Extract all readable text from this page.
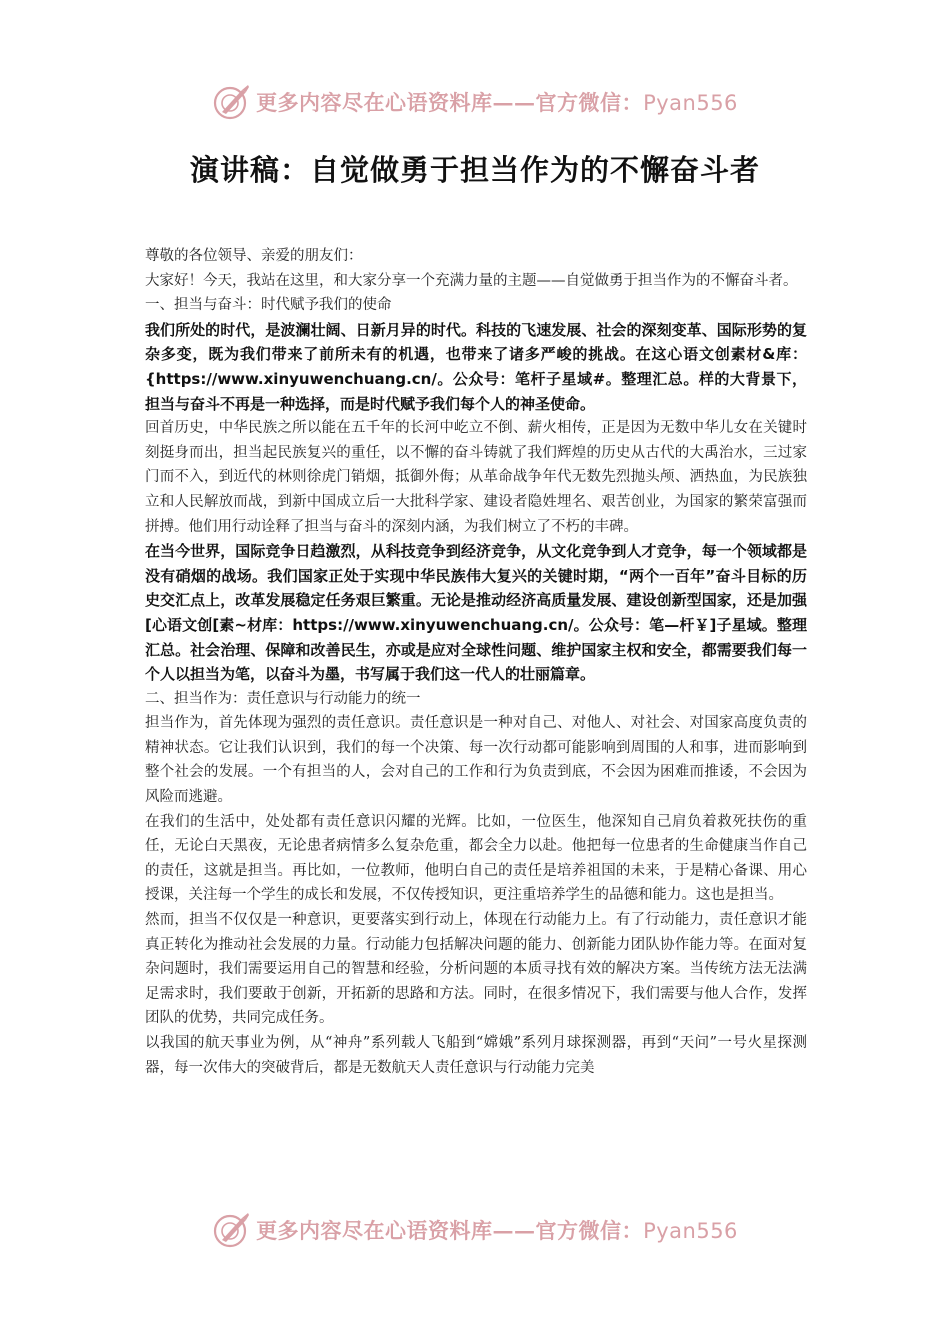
更多内容尽在心语资料库——官方微信：Pyan556
演讲稿：自觉做勇于担当作为的不懈奋斗者

尊敬的各位领导、亲爱的朋友们：

大家好！今天，我站在这里，和大家分享一个充满力量的主题——自觉做勇于担当作为的不懈奋斗者。

一、担当与奋斗：时代赋予我们的使命

我们所处的时代，是波澜壮阔、日新月异的时代。科技的飞速发展、社会的深刻变革、国际形势的复杂多变，既为我们带来了前所未有的机遇，也带来了诸多严峻的挑战。在这心语文创素材&库：{https://www.xinyuwenchuang.cn/。公众号：笔杆子星域#。整理汇总。样的大背景下，担当与奋斗不再是一种选择，而是时代赋予我们每个人的神圣使命。

回首历史，中华民族之所以能在五千年的长河中屹立不倒、薪火相传，正是因为无数中华儿女在关键时刻挺身而出，担当起民族复兴的重任，以不懈的奋斗铸就了我们辉煌的历史从古代的大禹治水，三过家门而不入，到近代的林则徐虎门销烟，抵御外侮；从革命战争年代无数先烈抛头颅、洒热血，为民族独立和人民解放而战，到新中国成立后一大批科学家、建设者隐姓埋名、艰苦创业，为国家的繁荣富强而拼搏。他们用行动诠释了担当与奋斗的深刻内涵，为我们树立了不朽的丰碑。

在当今世界，国际竞争日趋激烈，从科技竞争到经济竞争，从文化竞争到人才竞争，每一个领域都是没有硝烟的战场。我们国家正处于实现中华民族伟大复兴的关键时期，“两个一百年”奋斗目标的历史交汇点上，改革发展稳定任务艰巨繁重。无论是推动经济高质量发展、建设创新型国家，还是加强[心语文创[素~材库：https://www.xinyuwenchuang.cn/。公众号：笔—杆￥]子星域。整理汇总。社会治理、保障和改善民生，亦或是应对全球性问题、维护国家主权和安全，都需要我们每一个人以担当为笔，以奋斗为墨，书写属于我们这一代人的壮丽篇章。

二、担当作为：责任意识与行动能力的统一

担当作为，首先体现为强烈的责任意识。责任意识是一种对自己、对他人、对社会、对国家高度负责的精神状态。它让我们认识到，我们的每一个决策、每一次行动都可能影响到周围的人和事，进而影响到整个社会的发展。一个有担当的人，会对自己的工作和行为负责到底，不会因为困难而推诿，不会因为风险而逃避。

在我们的生活中，处处都有责任意识闪耀的光辉。比如，一位医生，他深知自己肩负着救死扶伤的重任，无论白天黑夜，无论患者病情多么复杂危重，都会全力以赴。他把每一位患者的生命健康当作自己的责任，这就是担当。再比如，一位教师，他明白自己的责任是培养祖国的未来，于是精心备课、用心授课，关注每一个学生的成长和发展，不仅传授知识，更注重培养学生的品德和能力。这也是担当。

然而，担当不仅仅是一种意识，更要落实到行动上，体现在行动能力上。有了行动能力，责任意识才能真正转化为推动社会发展的力量。行动能力包括解决问题的能力、创新能力团队协作能力等。在面对复杂问题时，我们需要运用自己的智慧和经验，分析问题的本质寻找有效的解决方案。当传统方法无法满足需求时，我们要敢于创新，开拓新的思路和方法。同时，在很多情况下，我们需要与他人合作，发挥团队的优势，共同完成任务。

以我国的航天事业为例，从“神舟”系列载人飞船到“嫦娥”系列月球探测器，再到“天问”一号火星探测器，每一次伟大的突破背后，都是无数航天人责任意识与行动能力完美

更多内容尽在心语资料库——官方微信：Pyan556
